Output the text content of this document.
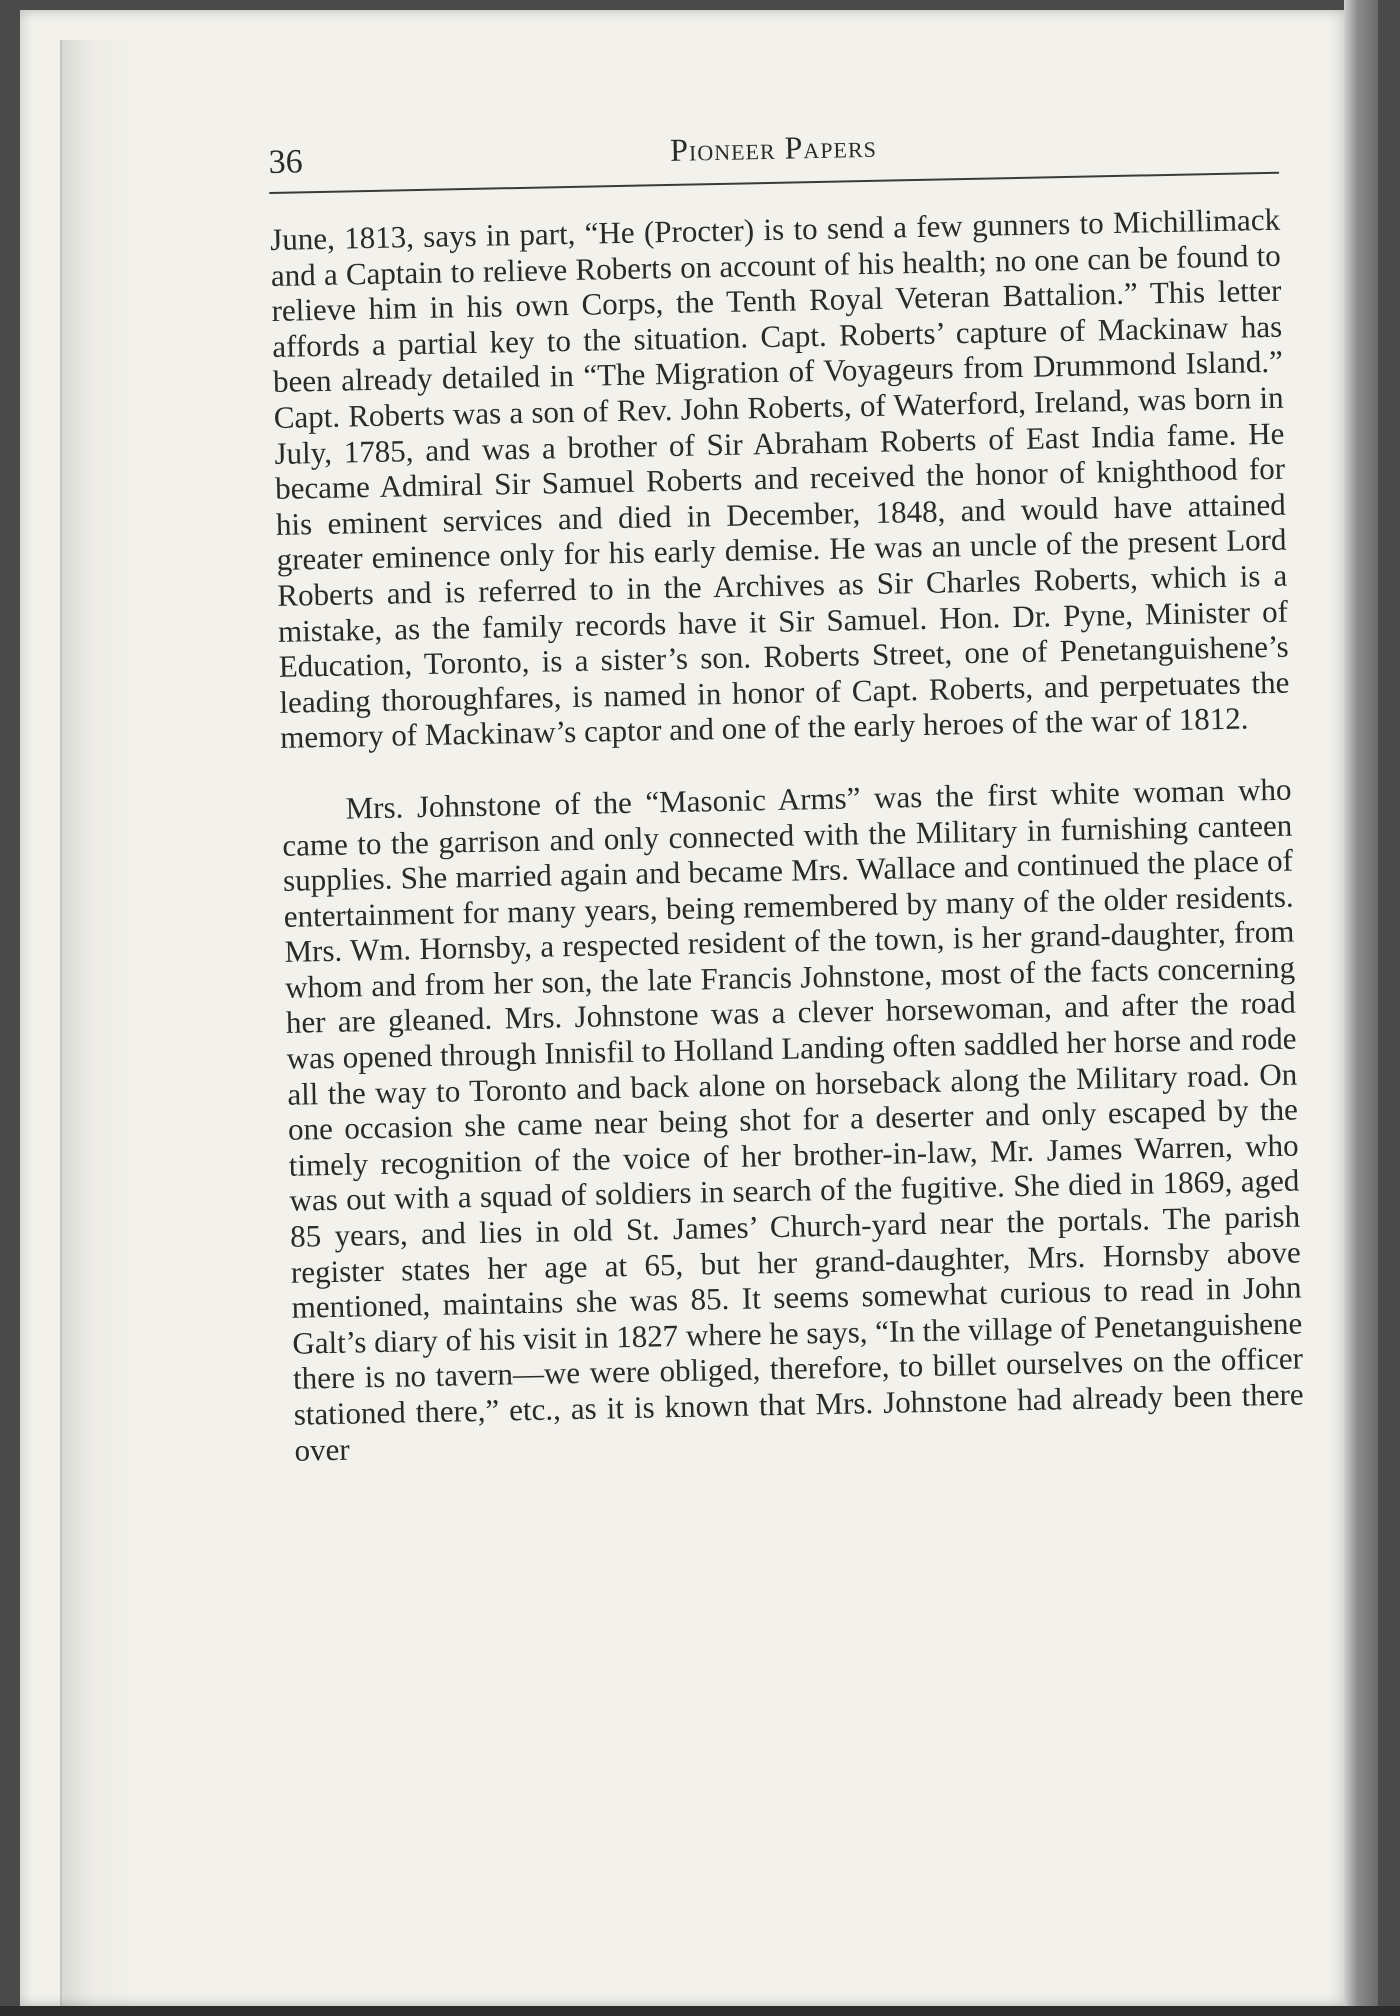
36	Pioneer Papers

June, 1813, says in part, “He (Procter) is to send a few gunners to Michillimack and a Captain to relieve Roberts on account of his health; no one can be found to relieve him in his own Corps, the Tenth Royal Veteran Battalion.” This letter affords a partial key to the situation. Capt. Roberts’ capture of Mackinaw has been already detailed in “The Migration of Voyageurs from Drummond Island.” Capt. Roberts was a son of Rev. John Roberts, of Waterford, Ireland, was born in July, 1785, and was a brother of Sir Abraham Roberts of East India fame. He became Admiral Sir Samuel Roberts and received the honor of knighthood for his eminent services and died in December, 1848, and would have attained greater eminence only for his early demise. He was an uncle of the present Lord Roberts and is referred to in the Archives as Sir Charles Roberts, which is a mistake, as the family records have it Sir Samuel. Hon. Dr. Pyne, Minister of Education, Toronto, is a sister’s son. Roberts Street, one of Penetanguishene’s leading thoroughfares, is named in honor of Capt. Roberts, and perpetuates the memory of Mackinaw’s captor and one of the early heroes of the war of 1812.

Mrs. Johnstone of the “Masonic Arms” was the first white woman who came to the garrison and only connected with the Military in furnishing canteen supplies. She married again and became Mrs. Wallace and continued the place of entertainment for many years, being remembered by many of the older residents. Mrs. Wm. Hornsby, a respected resident of the town, is her grand-daughter, from whom and from her son, the late Francis Johnstone, most of the facts concerning her are gleaned. Mrs. Johnstone was a clever horsewoman, and after the road was opened through Innisfil to Holland Landing often saddled her horse and rode all the way to Toronto and back alone on horseback along the Military road. On one occasion she came near being shot for a deserter and only escaped by the timely recognition of the voice of her brother-in-law, Mr. James Warren, who was out with a squad of soldiers in search of the fugitive. She died in 1869, aged 85 years, and lies in old St. James’ Church-yard near the portals. The parish register states her age at 65, but her grand-daughter, Mrs. Hornsby above mentioned, maintains she was 85. It seems somewhat curious to read in John Galt’s diary of his visit in 1827 where he says, “In the village of Penetanguishene there is no tavern—we were obliged, therefore, to billet ourselves on the officer stationed there,” etc., as it is known that Mrs. Johnstone had already been there over
